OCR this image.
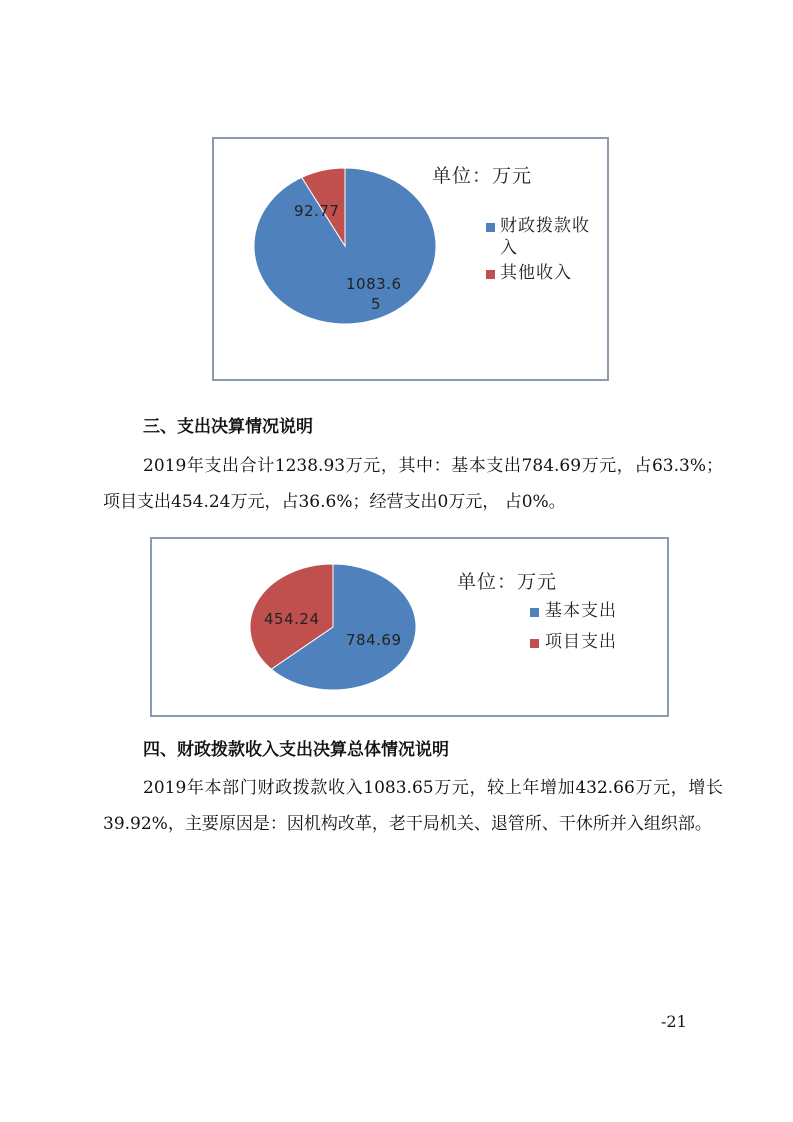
92.77
1083.6
5
单位：万元
财政拨款收入
其他收入
三、支出决算情况说明
2019年支出合计1238.93万元，其中：基本支出784.69万元，占63.3%；项目支出454.24万元，占36.6%；经营支出0万元， 占0%。
454.24
784.69
单位：万元
基本支出
项目支出
四、财政拨款收入支出决算总体情况说明
2019年本部门财政拨款收入1083.65万元，较上年增加432.66万元，增长39.92%，主要原因是：因机构改革，老干局机关、退管所、干休所并入组织部。
-21
